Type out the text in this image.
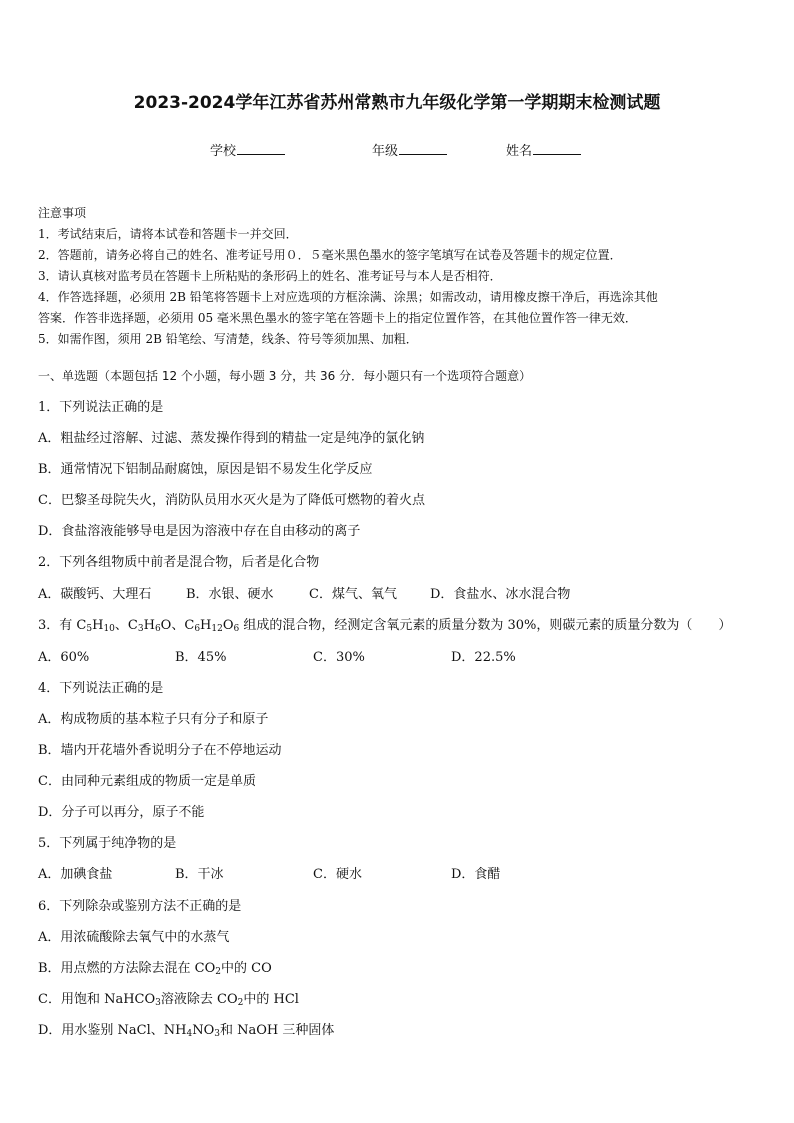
2023-2024学年江苏省苏州常熟市九年级化学第一学期期末检测试题
学校	年级	姓名
注意事项
1．考试结束后，请将本试卷和答题卡一并交回．
2．答题前，请务必将自己的姓名、准考证号用０．５毫米黑色墨水的签字笔填写在试卷及答题卡的规定位置．
3．请认真核对监考员在答题卡上所粘贴的条形码上的姓名、准考证号与本人是否相符．
4．作答选择题，必须用 2B 铅笔将答题卡上对应选项的方框涂满、涂黑；如需改动，请用橡皮擦干净后，再选涂其他
答案．作答非选择题，必须用 05 毫米黑色墨水的签字笔在答题卡上的指定位置作答，在其他位置作答一律无效．
5．如需作图，须用 2B 铅笔绘、写清楚，线条、符号等须加黑、加粗．
一、单选题（本题包括 12 个小题，每小题 3 分，共 36 分．每小题只有一个选项符合题意）
1．下列说法正确的是
A．粗盐经过溶解、过滤、蒸发操作得到的精盐一定是纯净的氯化钠
B．通常情况下铝制品耐腐蚀，原因是铝不易发生化学反应
C．巴黎圣母院失火，消防队员用水灭火是为了降低可燃物的着火点
D．食盐溶液能够导电是因为溶液中存在自由移动的离子
2．下列各组物质中前者是混合物，后者是化合物
A．碳酸钙、大理石	B．水银、硬水	C．煤气、氧气	D．食盐水、冰水混合物
3．有 $C_5H_{10}$、$C_3H_6O$、$C_6H_{12}O_6$ 组成的混合物，经测定含氧元素的质量分数为 30%，则碳元素的质量分数为（　　）
A．60%	B．45%	C．30%	D．22.5%
4．下列说法正确的是
A．构成物质的基本粒子只有分子和原子
B．墙内开花墙外香说明分子在不停地运动
C．由同种元素组成的物质一定是单质
D．分子可以再分，原子不能
5．下列属于纯净物的是
A．加碘食盐	B．干冰	C．硬水	D．食醋
6．下列除杂或鉴别方法不正确的是
A．用浓硫酸除去氧气中的水蒸气
B．用点燃的方法除去混在 $CO_2$中的 CO
C．用饱和 NaHCO$_3$溶液除去 $CO_2$中的 HCl
D．用水鉴别 NaCl、$NH_4NO_3$和 NaOH 三种固体
